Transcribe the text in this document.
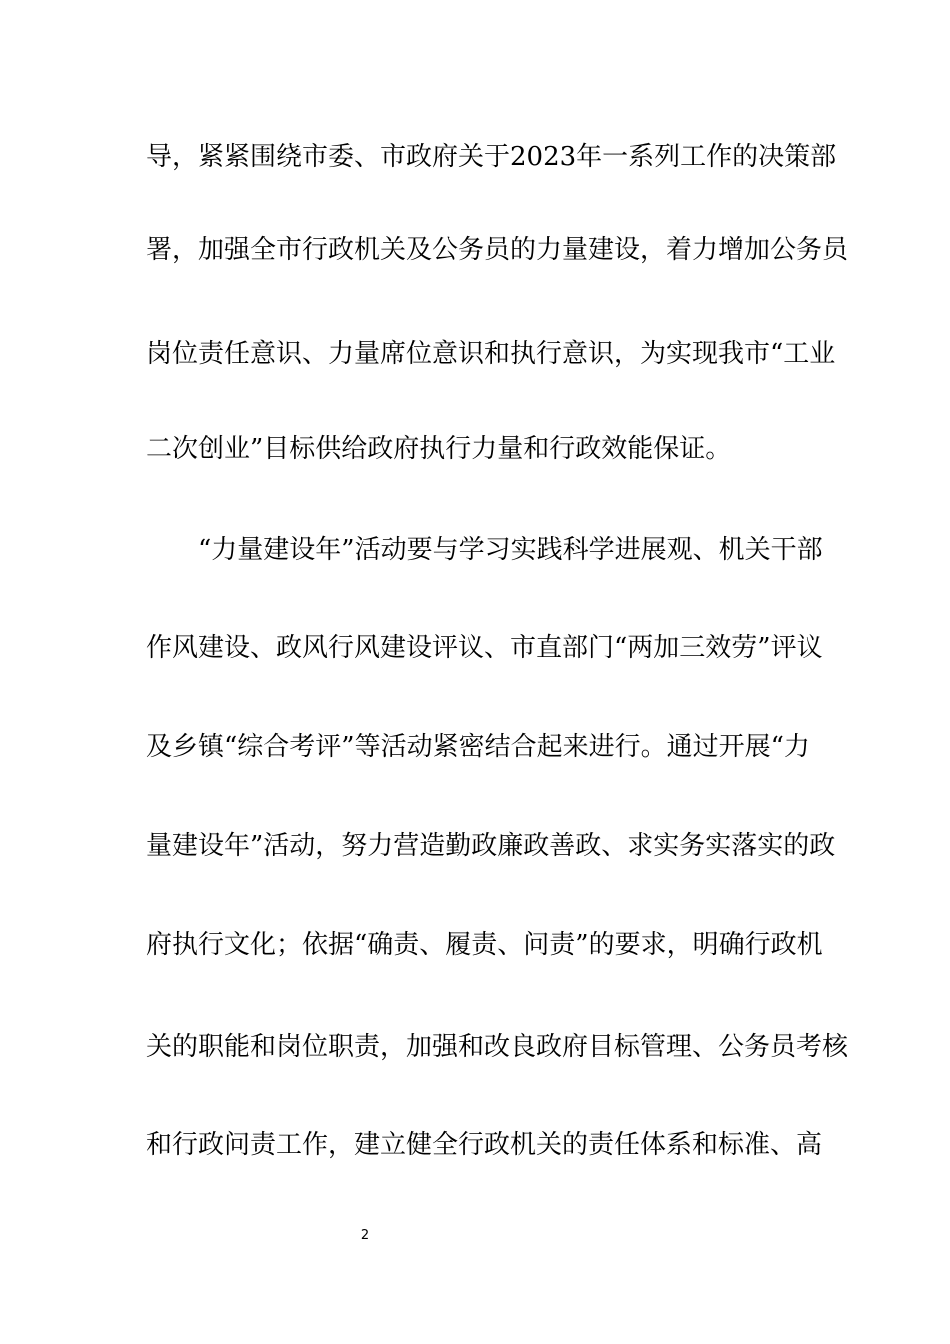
导，紧紧围绕市委、市政府关于2023年一系列工作的决策部
署，加强全市行政机关及公务员的力量建设，着力增加公务员
岗位责任意识、力量席位意识和执行意识，为实现我市“工业
二次创业”目标供给政府执行力量和行政效能保证。
“力量建设年”活动要与学习实践科学进展观、机关干部
作风建设、政风行风建设评议、市直部门“两加三效劳”评议
及乡镇“综合考评”等活动紧密结合起来进行。通过开展“力
量建设年”活动，努力营造勤政廉政善政、求实务实落实的政
府执行文化；依据“确责、履责、问责”的要求，明确行政机
关的职能和岗位职责，加强和改良政府目标管理、公务员考核
和行政问责工作，建立健全行政机关的责任体系和标准、高
2
